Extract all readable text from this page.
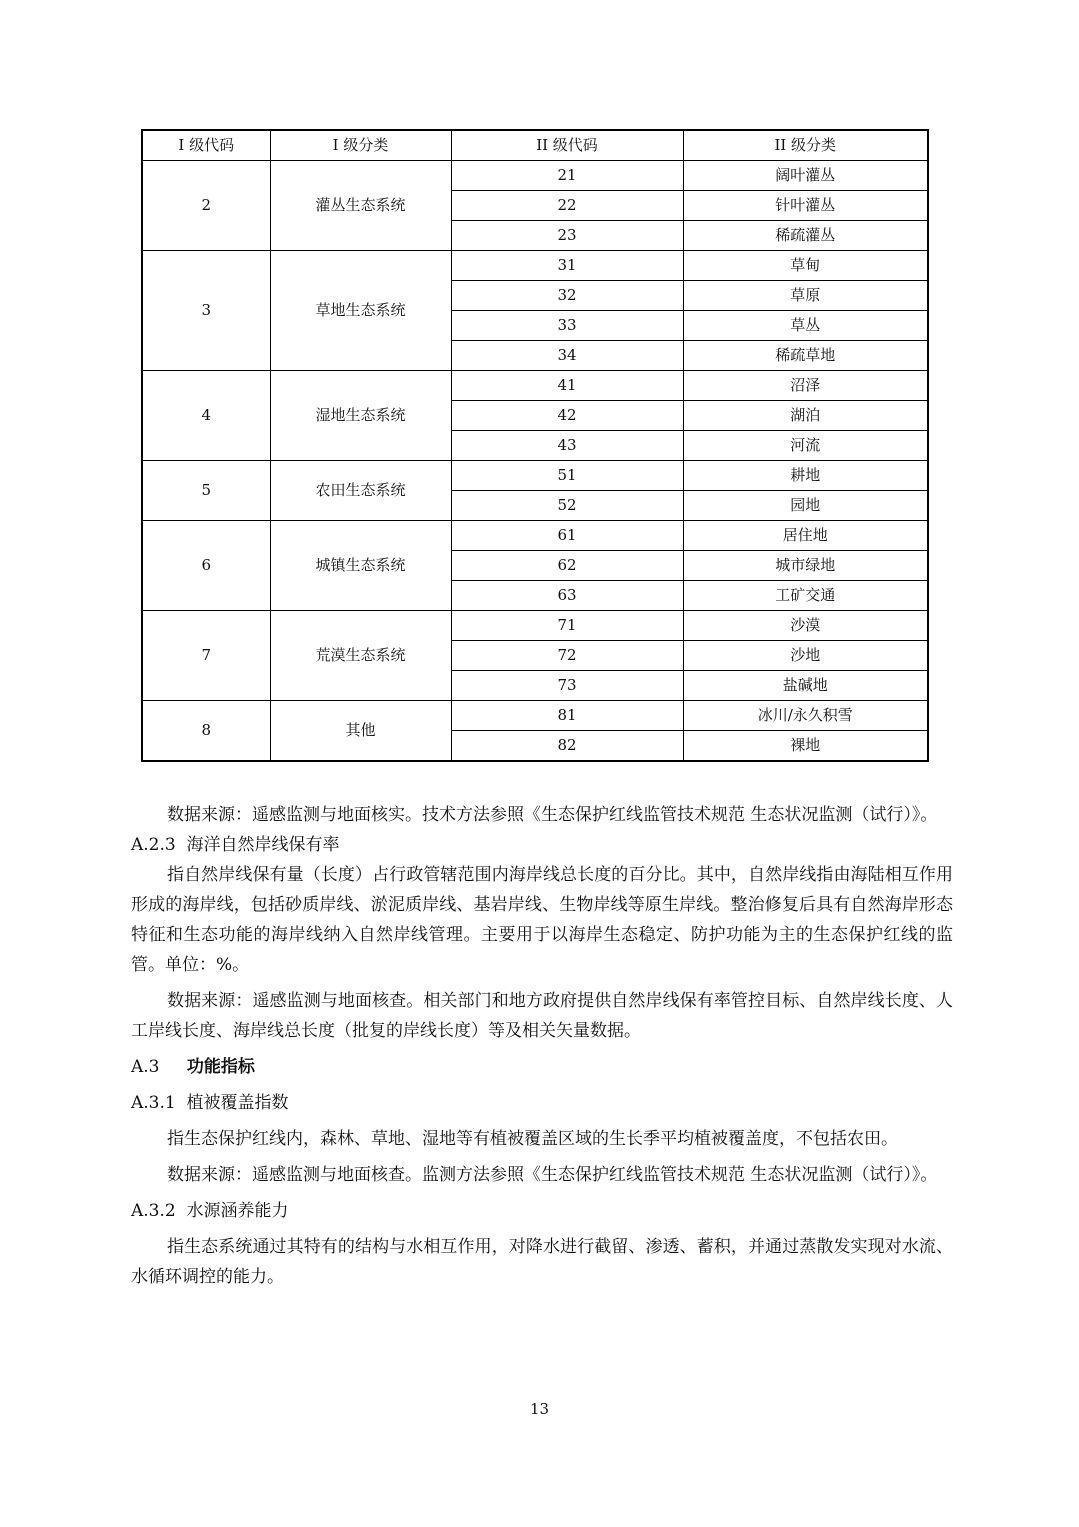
I 级代码	I 级分类	II 级代码	II 级分类
2	灌丛生态系统	21	阔叶灌丛
		22	针叶灌丛
		23	稀疏灌丛
3	草地生态系统	31	草甸
		32	草原
		33	草丛
		34	稀疏草地
4	湿地生态系统	41	沼泽
		42	湖泊
		43	河流
5	农田生态系统	51	耕地
		52	园地
6	城镇生态系统	61	居住地
		62	城市绿地
		63	工矿交通
7	荒漠生态系统	71	沙漠
		72	沙地
		73	盐碱地
8	其他	81	冰川/永久积雪
		82	裸地

数据来源：遥感监测与地面核实。技术方法参照《生态保护红线监管技术规范 生态状况监测（试行）》。

A.2.3 海洋自然岸线保有率

指自然岸线保有量（长度）占行政管辖范围内海岸线总长度的百分比。其中，自然岸线指由海陆相互作用形成的海岸线，包括砂质岸线、淤泥质岸线、基岩岸线、生物岸线等原生岸线。整治修复后具有自然海岸形态特征和生态功能的海岸线纳入自然岸线管理。主要用于以海岸生态稳定、防护功能为主的生态保护红线的监管。单位：%。

数据来源：遥感监测与地面核查。相关部门和地方政府提供自然岸线保有率管控目标、自然岸线长度、人工岸线长度、海岸线总长度（批复的岸线长度）等及相关矢量数据。

A.3 功能指标

A.3.1 植被覆盖指数

指生态保护红线内，森林、草地、湿地等有植被覆盖区域的生长季平均植被覆盖度，不包括农田。

数据来源：遥感监测与地面核查。监测方法参照《生态保护红线监管技术规范 生态状况监测（试行）》。

A.3.2 水源涵养能力

指生态系统通过其特有的结构与水相互作用，对降水进行截留、渗透、蓄积，并通过蒸散发实现对水流、水循环调控的能力。

13
